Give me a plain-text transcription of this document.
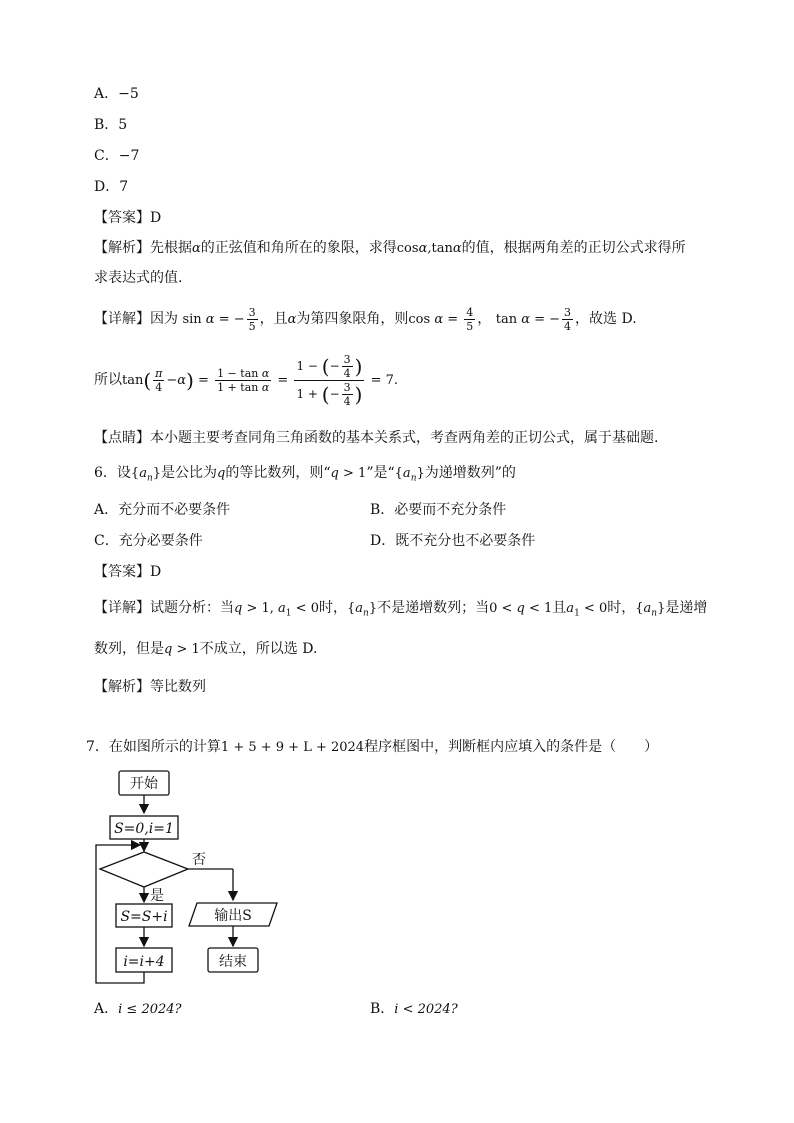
A．−5
B．5
C．−7
D．7
【答案】D
【解析】先根据α的正弦值和角所在的象限，求得cosα,tanα的值，根据两角差的正切公式求得所
求表达式的值.
【详解】因为 sin α = − $\frac{3}{5}$ ，且α为第四象限角，则$\cos \alpha = \frac{4}{5}$ ， tan α = − $\frac{3}{4}$ ，故选 D.
所以$\tan( \frac{\pi}{4} -\alpha) = \frac{\text{1 − tan α}}{\text{1 + tan α}} = \frac{1 - (- \frac{3}{4} )}{1 + (- \frac{3}{4} )} = 7$.
【点睛】本小题主要考查同角三角函数的基本关系式，考查两角差的正切公式，属于基础题.
6．设$\{a_n\}$是公比为q的等比数列，则“q > 1”是“$\{a_n\}$为递增数列”的
A．充分而不必要条件	B．必要而不充分条件
C．充分必要条件	D．既不充分也不必要条件
【答案】D
【详解】试题分析：当q > 1, $a_1 < 0$时，$\{a_n\}$不是递增数列；当0 < q < 1且$a_1 < 0$时，$\{a_n\}$是递增
数列，但是q > 1不成立，所以选 D.
【解析】等比数列
7．在如图所示的计算1 + 5 + 9 + L + 2024程序框图中，判断框内应填入的条件是（　　）
开始
S=0,i=1
否
是
S=S+i
i=i+4
输出S
结束
A．i ≤ 2024?	B．i < 2024?
